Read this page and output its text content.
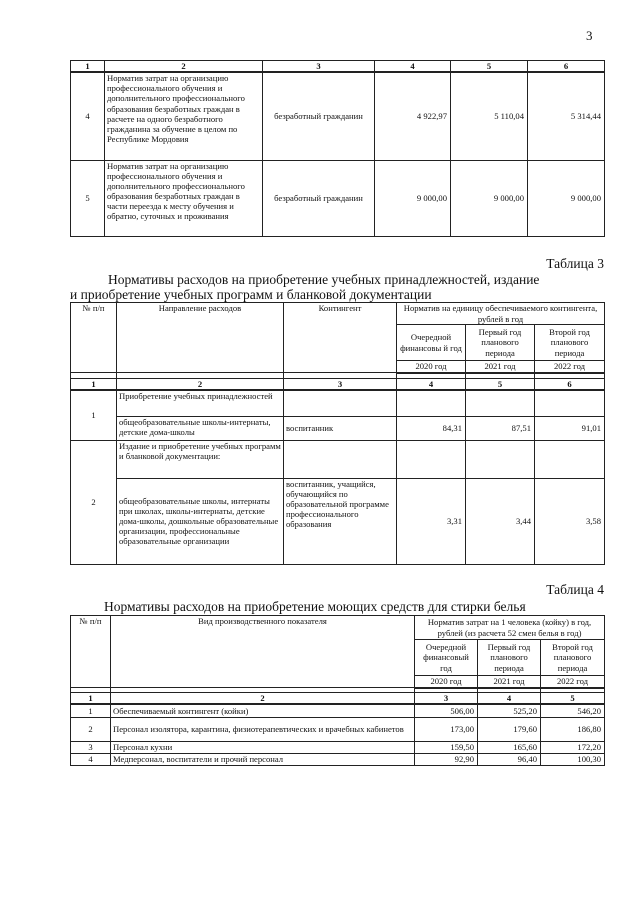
3
1	2	3	4	5	6
4	Норматив затрат на организацию профессионального обучения и дополнительного профессионального образования безработных граждан в расчете на одного безработного гражданина за обучение в целом по Республике Мордовия	безработный гражданин	4 922,97	5 110,04	5 314,44
5	Норматив затрат на организацию профессионального обучения и дополнительного профессионального образования безработных граждан в части переезда к месту обучения и обратно, суточных и проживания	безработный гражданин	9 000,00	9 000,00	9 000,00
Таблица 3
Нормативы расходов на приобретение учебных принадлежностей, издание
и приобретение учебных программ и бланковой документации
№ п/п	Направление расходов	Контингент	Норматив на единицу обеспечиваемого контингента, рублей в год		
			Очередной финансовы й год	Первый год планового периода	Второй год планового периода
			2020 год	2021 год	2022 год

1	2	3	4	5	6
1	Приобретение учебных принадлежностей				
	общеобразовательные школы-интернаты, детские дома-школы	воспитанник	84,31	87,51	91,01
2	Издание и приобретение учебных программ и бланковой документации:				
	общеобразовательные школы, интернаты при школах, школы-интернаты, детские дома-школы, дошкольные образовательные организации, профессиональные образовательные организации	воспитанник, учащийся, обучающийся по образовательной программе профессионального образования	3,31	3,44	3,58
Таблица 4
Нормативы расходов на приобретение моющих средств для стирки белья
№ п/п	Вид производственного показателя	Норматив затрат на 1 человека (койку) в год, рублей (из расчета 52 смен белья в год)		
		Очередной финансовый год	Первый год планового периода	Второй год планового периода
		2020 год	2021 год	2022 год

1	2	3	4	5
1	Обеспечиваемый контингент (койки)	506,00	525,20	546,20
2	Персонал изолятора, карантина, физиотерапевтических и врачебных кабинетов	173,00	179,60	186,80
3	Персонал кухни	159,50	165,60	172,20
4	Медперсонал, воспитатели и прочий персонал	92,90	96,40	100,30
